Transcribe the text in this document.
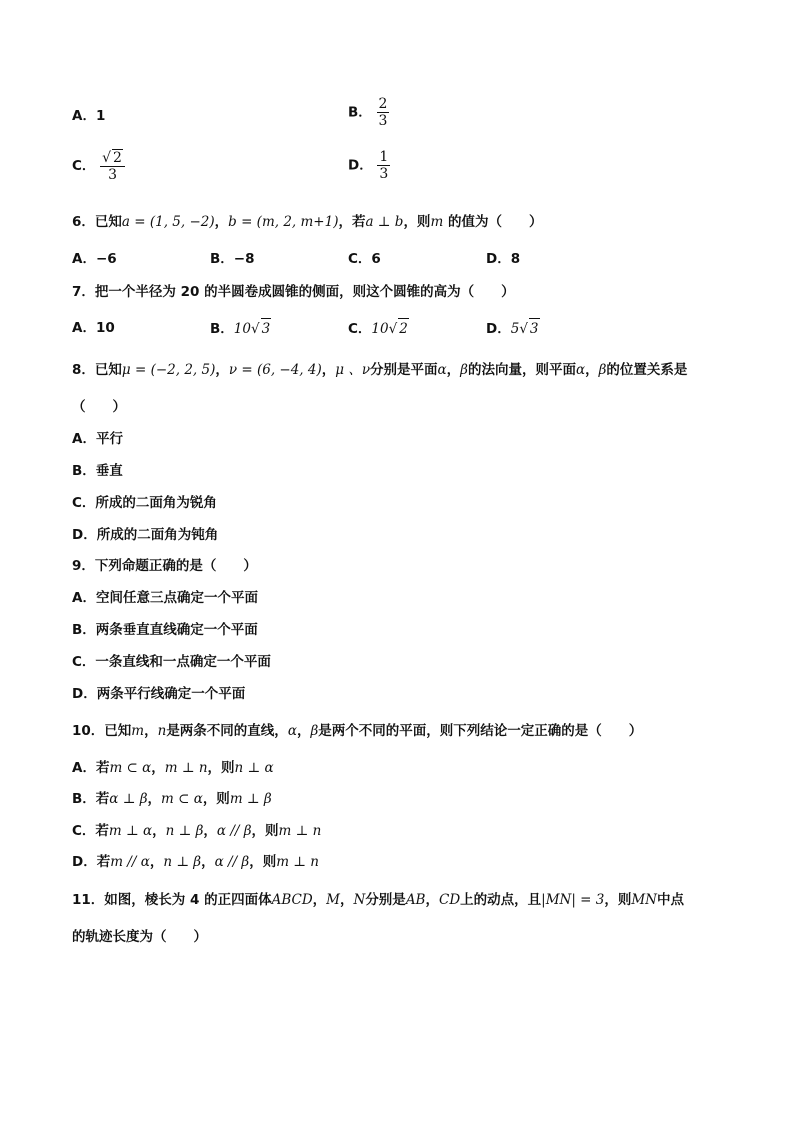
A．1	B． $\frac{2}{3}$
C． $\frac{√ 2}{3}$	D． $\frac{1}{3}$
6．已知a = (1, 5, −2)，b = (m, 2, m+1)，若a ⊥ b，则m 的值为（　　）
A．−6	B．−8	C．6	D．8
7．把一个半径为 20 的半圆卷成圆锥的侧面，则这个圆锥的高为（　　）
A．10	B．10√ 3	C．10√ 2	D．5√ 3
8．已知μ = (−2, 2, 5)，ν = (6, −4, 4)，μ 、ν分别是平面α，β的法向量，则平面α，β的位置关系是
（　　）
A．平行
B．垂直
C．所成的二面角为锐角
D．所成的二面角为钝角
9．下列命题正确的是（　　）
A．空间任意三点确定一个平面
B．两条垂直直线确定一个平面
C．一条直线和一点确定一个平面
D．两条平行线确定一个平面
10．已知m，n是两条不同的直线，α，β是两个不同的平面，则下列结论一定正确的是（　　）
A．若m ⊂ α，m ⊥ n，则n ⊥ α
B．若α ⊥ β，m ⊂ α，则m ⊥ β
C．若m ⊥ α，n ⊥ β，α // β，则m ⊥ n
D．若m // α，n ⊥ β，α // β，则m ⊥ n
11．如图，棱长为 4 的正四面体ABCD，M，N分别是AB，CD上的动点，且|MN| = 3，则MN中点
的轨迹长度为（　　）
